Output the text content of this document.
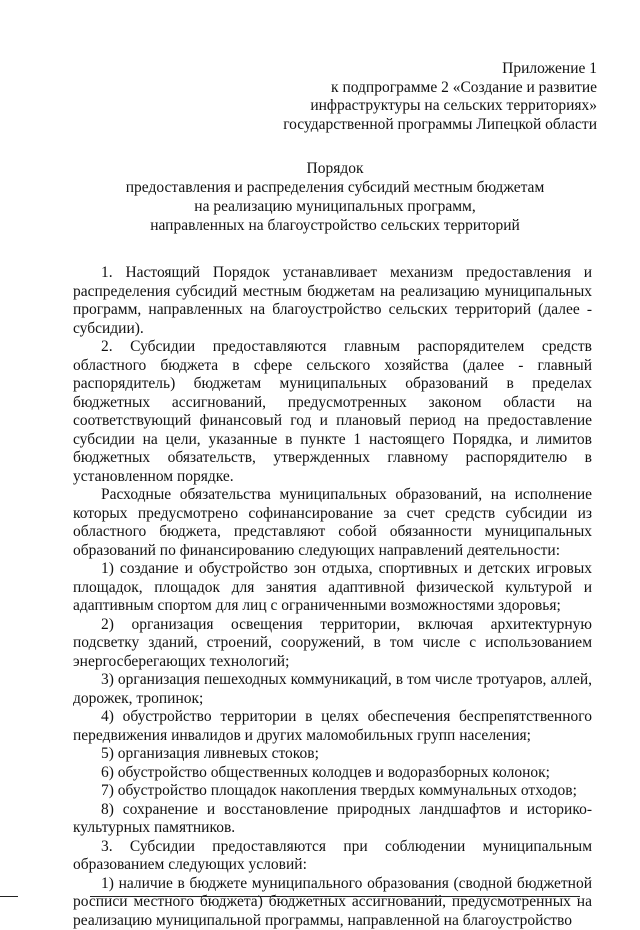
Приложение 1
к подпрограмме 2 «Создание и развитие
инфраструктуры на сельских территориях»
государственной программы Липецкой области
Порядок
предоставления и распределения субсидий местным бюджетам
на реализацию муниципальных программ,
направленных на благоустройство сельских территорий

1. Настоящий Порядок устанавливает механизм предоставления и распределения субсидий местным бюджетам на реализацию муниципальных программ, направленных на благоустройство сельских территорий (далее - субсидии).

2. Субсидии предоставляются главным распорядителем средств областного бюджета в сфере сельского хозяйства (далее - главный распорядитель) бюджетам муниципальных образований в пределах бюджетных ассигнований, предусмотренных законом области на соответствующий финансовый год и плановый период на предоставление субсидии на цели, указанные в пункте 1 настоящего Порядка, и лимитов бюджетных обязательств, утвержденных главному распорядителю в установленном порядке.

Расходные обязательства муниципальных образований, на исполнение которых предусмотрено софинансирование за счет средств субсидии из областного бюджета, представляют собой обязанности муниципальных образований по финансированию следующих направлений деятельности:

1) создание и обустройство зон отдыха, спортивных и детских игровых площадок, площадок для занятия адаптивной физической культурой и адаптивным спортом для лиц с ограниченными возможностями здоровья;

2) организация освещения территории, включая архитектурную подсветку зданий, строений, сооружений, в том числе с использованием энергосберегающих технологий;

3) организация пешеходных коммуникаций, в том числе тротуаров, аллей, дорожек, тропинок;

4) обустройство территории в целях обеспечения беспрепятственного передвижения инвалидов и других маломобильных групп населения;

5) организация ливневых стоков;

6) обустройство общественных колодцев и водоразборных колонок;

7) обустройство площадок накопления твердых коммунальных отходов;

8) сохранение и восстановление природных ландшафтов и историко-культурных памятников.

3. Субсидии предоставляются при соблюдении муниципальным образованием следующих условий:

1) наличие в бюджете муниципального образования (сводной бюджетной росписи местного бюджета) бюджетных ассигнований, предусмотренных на реализацию муниципальной программы, направленной на благоустройство
